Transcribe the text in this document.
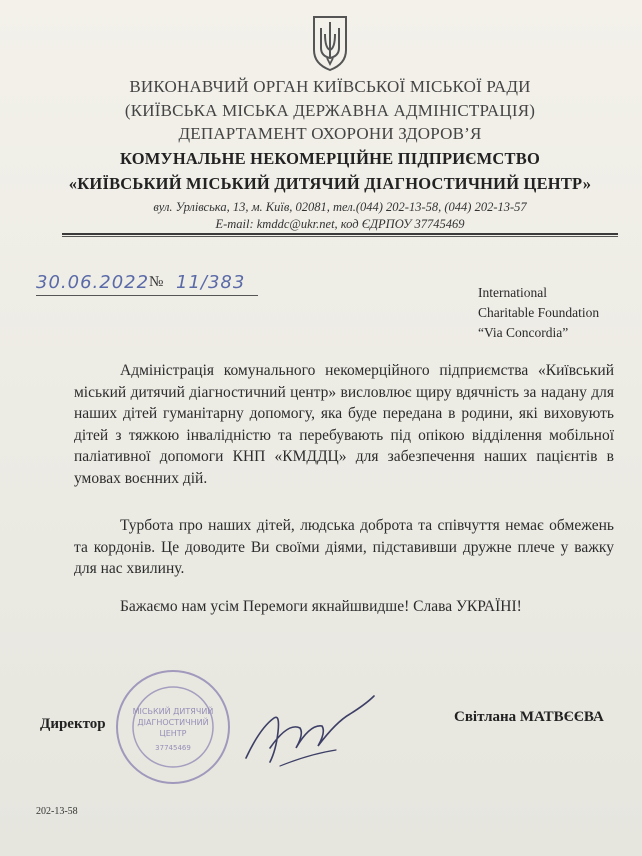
ВИКОНАВЧИЙ ОРГАН КИЇВСЬКОЇ МІСЬКОЇ РАДИ
(КИЇВСЬКА МІСЬКА ДЕРЖАВНА АДМІНІСТРАЦІЯ)
ДЕПАРТАМЕНТ ОХОРОНИ ЗДОРОВ’Я
КОМУНАЛЬНЕ НЕКОМЕРЦІЙНЕ ПІДПРИЄМСТВО
«КИЇВСЬКИЙ МІСЬКИЙ ДИТЯЧИЙ ДІАГНОСТИЧНИЙ ЦЕНТР»
вул. Урлівська, 13, м. Київ, 02081, тел.(044) 202-13-58, (044) 202-13-57
E-mail: kmddc@ukr.net, код ЄДРПОУ 37745469
30.06.2022 № 11/383	International
Charitable Foundation
“Via Concordia”
Адміністрація комунального некомерційного підприємства «Київський міський дитячий діагностичний центр» висловлює щиру вдячність за надану для наших дітей гуманітарну допомогу, яка буде передана в родини, які виховують дітей з тяжкою інвалідністю та перебувають під опікою відділення мобільної паліативної допомоги КНП «КМДДЦ» для забезпечення наших пацієнтів в умовах воєнних дій.
Турбота про наших дітей, людська доброта та співчуття немає обмежень та кордонів. Це доводите Ви своїми діями, підставивши дружне плече у важку для нас хвилину.
Бажаємо нам усім Перемоги якнайшвидше! Слава УКРАЇНІ!
МІСЬКИЙ ДИТЯЧИЙ
ДІАГНОСТИЧНИЙ
ЦЕНТР
37745469
Директор	Світлана МАТВЄЄВА
202-13-58
